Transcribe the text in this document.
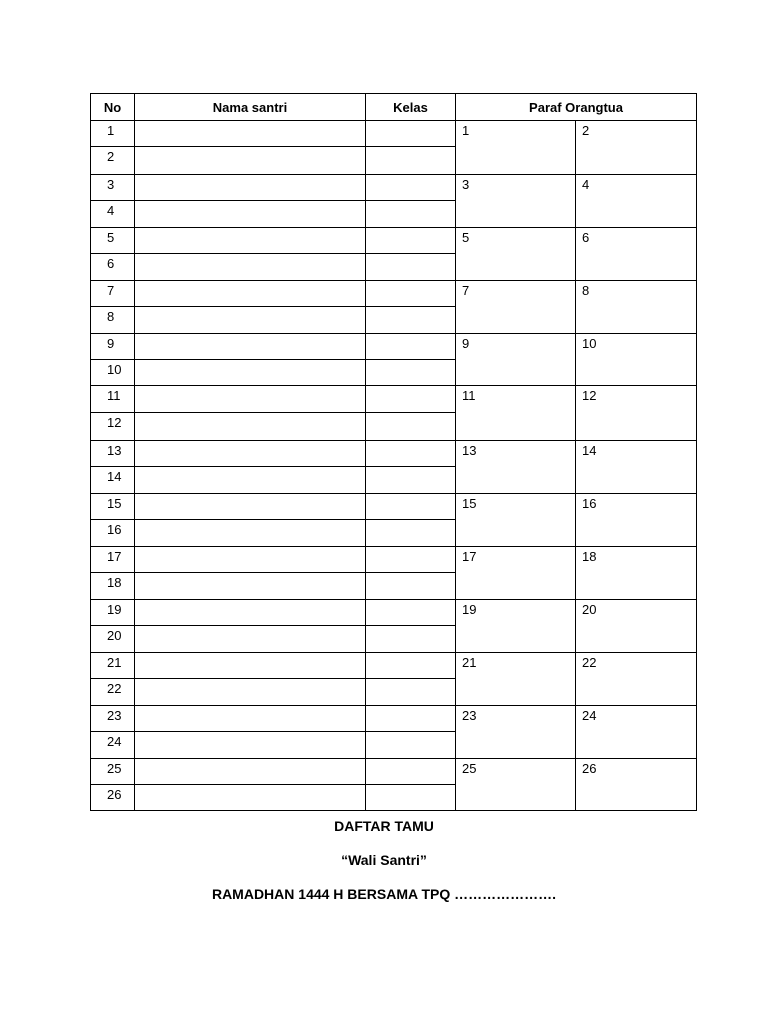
No	Nama santri	Kelas	Paraf Orangtua	
1			1	2
2				
3			3	4
4				
5			5	6
6				
7			7	8
8				
9			9	10
10				
11			11	12
12				
13			13	14
14				
15			15	16
16				
17			17	18
18				
19			19	20
20				
21			21	22
22				
23			23	24
24				
25			25	26
26				
DAFTAR TAMU
“Wali Santri”
RAMADHAN 1444 H BERSAMA TPQ ………………….
